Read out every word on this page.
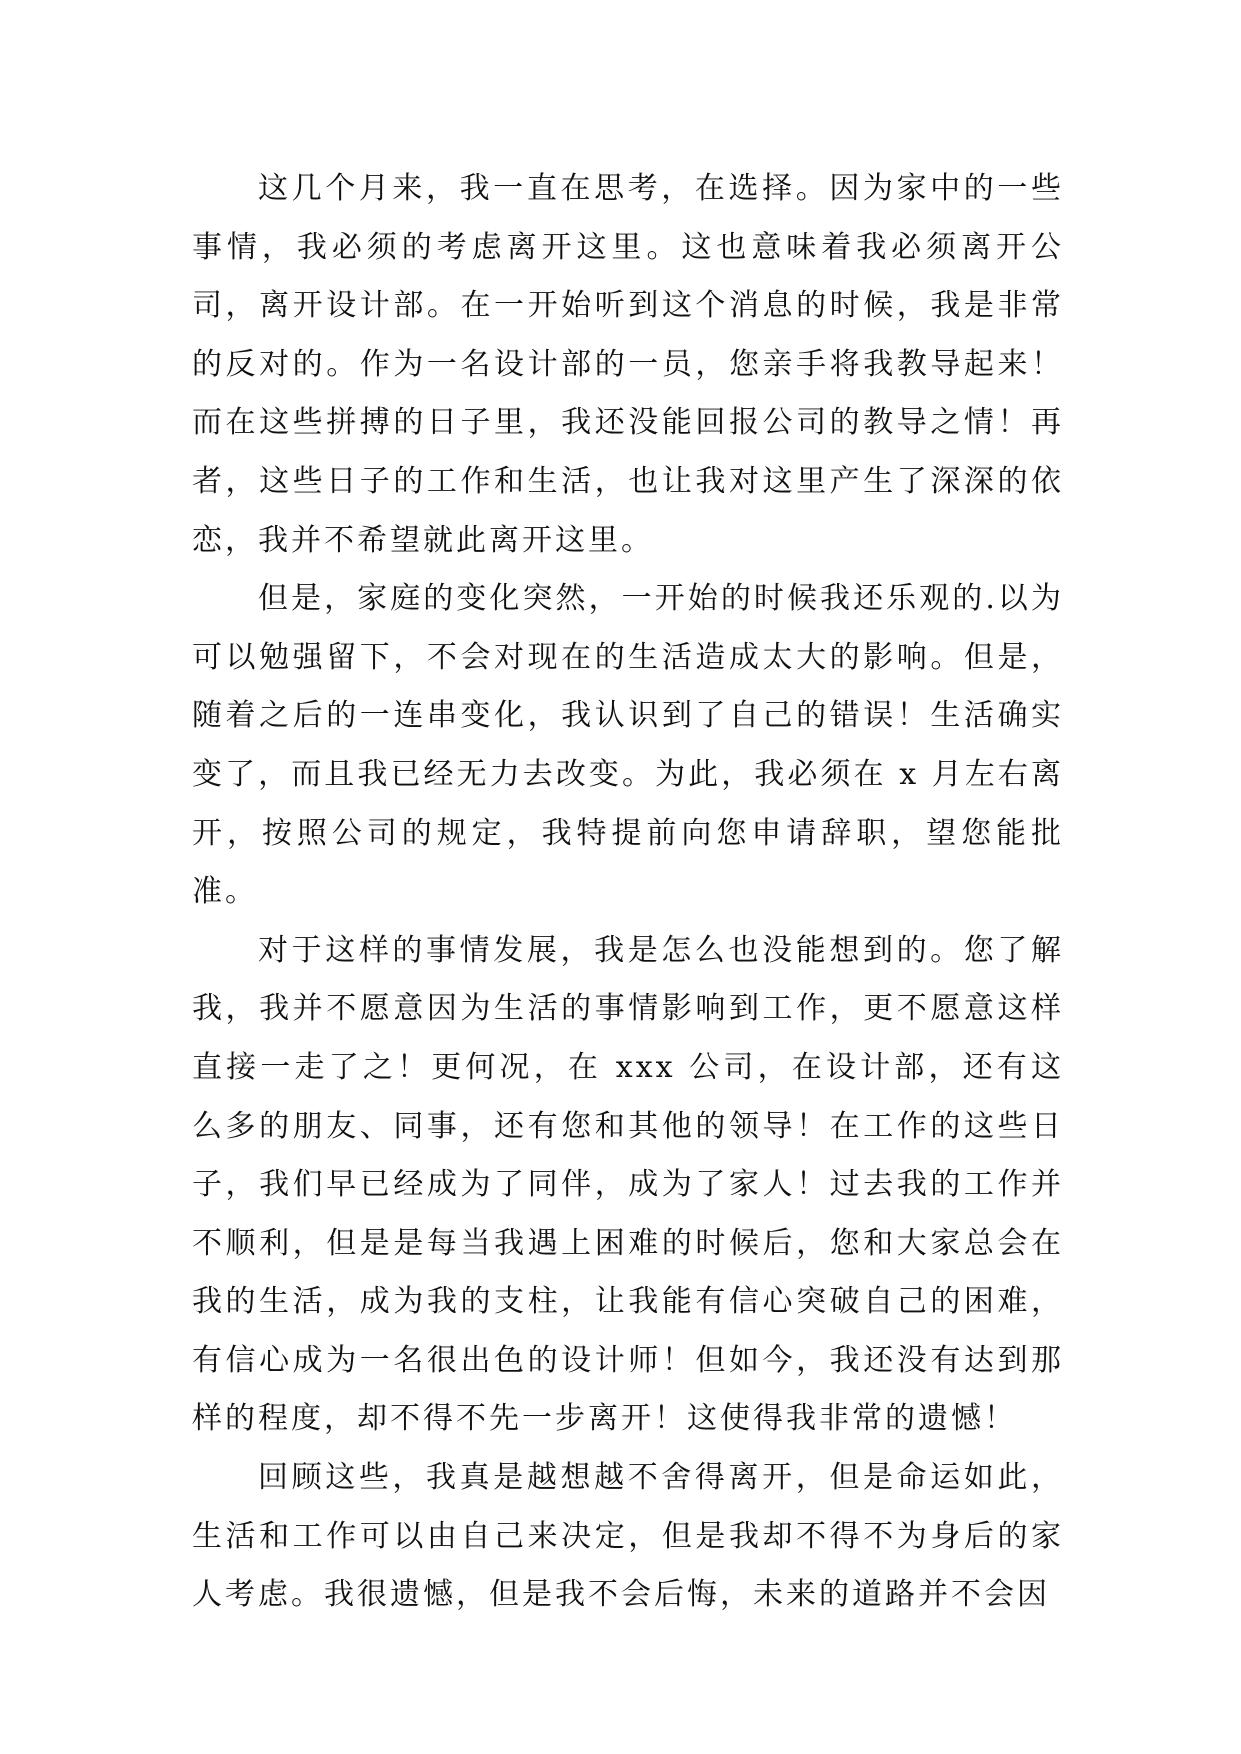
这几个月来，我一直在思考，在选择。因为家中的一些事情，我必须的考虑离开这里。这也意味着我必须离开公司，离开设计部。在一开始听到这个消息的时候，我是非常的反对的。作为一名设计部的一员，您亲手将我教导起来！而在这些拼搏的日子里，我还没能回报公司的教导之情！再者，这些日子的工作和生活，也让我对这里产生了深深的依恋，我并不希望就此离开这里。

但是，家庭的变化突然，一开始的时候我还乐观的.以为可以勉强留下，不会对现在的生活造成太大的影响。但是，随着之后的一连串变化，我认识到了自己的错误！生活确实变了，而且我已经无力去改变。为此，我必须在 x 月左右离开，按照公司的规定，我特提前向您申请辞职，望您能批准。

对于这样的事情发展，我是怎么也没能想到的。您了解我，我并不愿意因为生活的事情影响到工作，更不愿意这样直接一走了之！更何况，在 xxx 公司，在设计部，还有这么多的朋友、同事，还有您和其他的领导！在工作的这些日子，我们早已经成为了同伴，成为了家人！过去我的工作并不顺利，但是是每当我遇上困难的时候后，您和大家总会在我的生活，成为我的支柱，让我能有信心突破自己的困难，有信心成为一名很出色的设计师！但如今，我还没有达到那样的程度，却不得不先一步离开！这使得我非常的遗憾！

回顾这些，我真是越想越不舍得离开，但是命运如此，生活和工作可以由自己来决定，但是我却不得不为身后的家人考虑。我很遗憾，但是我不会后悔，未来的道路并不会因
